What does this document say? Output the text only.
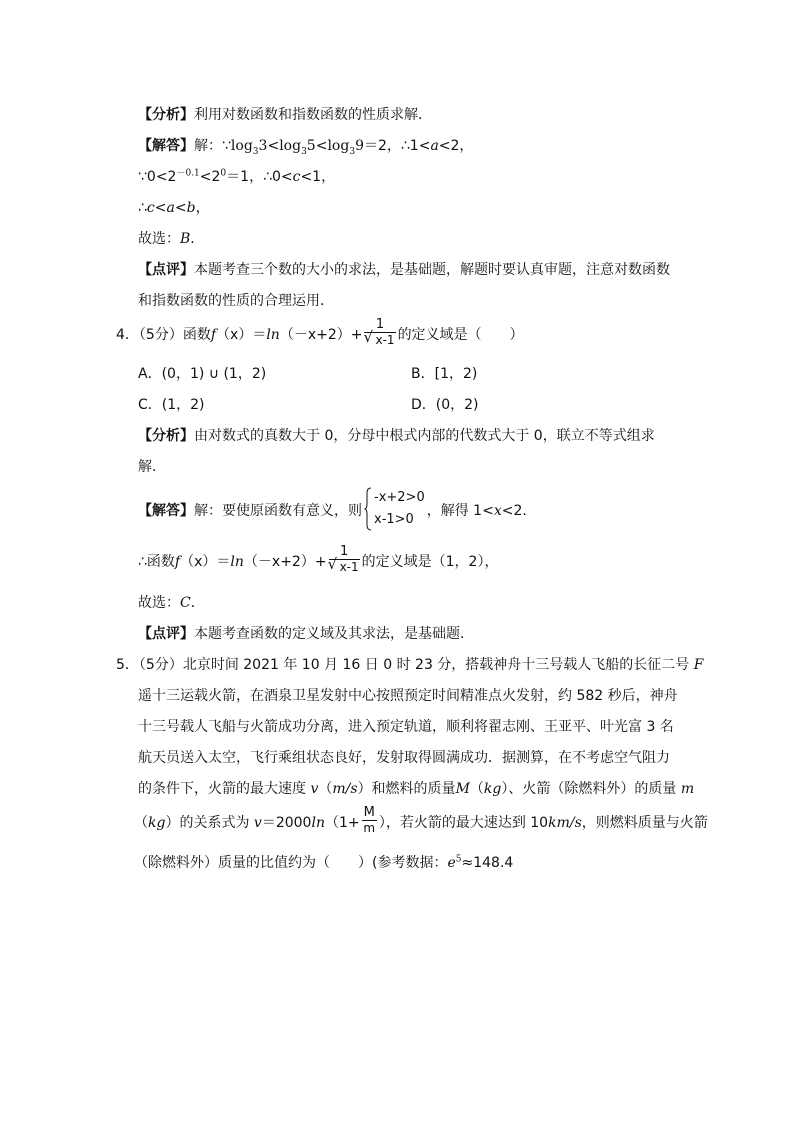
【分析】利用对数函数和指数函数的性质求解．
【解答】解：$\because\log_33<\log_35<\log_39=2$，∴1<a<2，
$\because 0<2^{-0.1}<2^0=1$，∴0<c<1，
∴c<a<b，
故选：B．
【点评】本题考查三个数的大小的求法，是基础题，解题时要认真审题，注意对数函数
和指数函数的性质的合理运用．
4．（5分）函数f（x）＝ln（－x+2）+ 1
√ x-1 的定义域是（　　）
A．(0，1) ∪ (1，2)	B．[1，2)
C．(1，2)	D．(0，2)
【分析】由对数式的真数大于 0，分母中根式内部的代数式大于 0，联立不等式组求
解．
【解答】解：要使原函数有意义，则
-x+2>0
x-1>0
，解得 1<x<2．
∴函数f（x）＝ln（－x+2）+ 1
√ x-1 的定义域是（1，2），
故选：C．
【点评】本题考查函数的定义域及其求法，是基础题．
5．（5分）北京时间 2021 年 10 月 16 日 0 时 23 分，搭载神舟十三号载人飞船的长征二号 F
遥十三运载火箭，在酒泉卫星发射中心按照预定时间精准点火发射，约 582 秒后，神舟
十三号载人飞船与火箭成功分离，进入预定轨道，顺利将翟志刚、王亚平、叶光富 3 名
航天员送入太空，飞行乘组状态良好，发射取得圆满成功．据测算，在不考虑空气阻力
的条件下，火箭的最大速度 v（m/s）和燃料的质量M（kg）、火箭（除燃料外）的质量 m
（kg）的关系式为 $v=2000\ln(1+ \frac{M}{m}$ ），若火箭的最大速达到 10km/s，则燃料质量与火箭
（除燃料外）质量的比值约为（　　）(参考数据：$e^5\approx 148.4$
